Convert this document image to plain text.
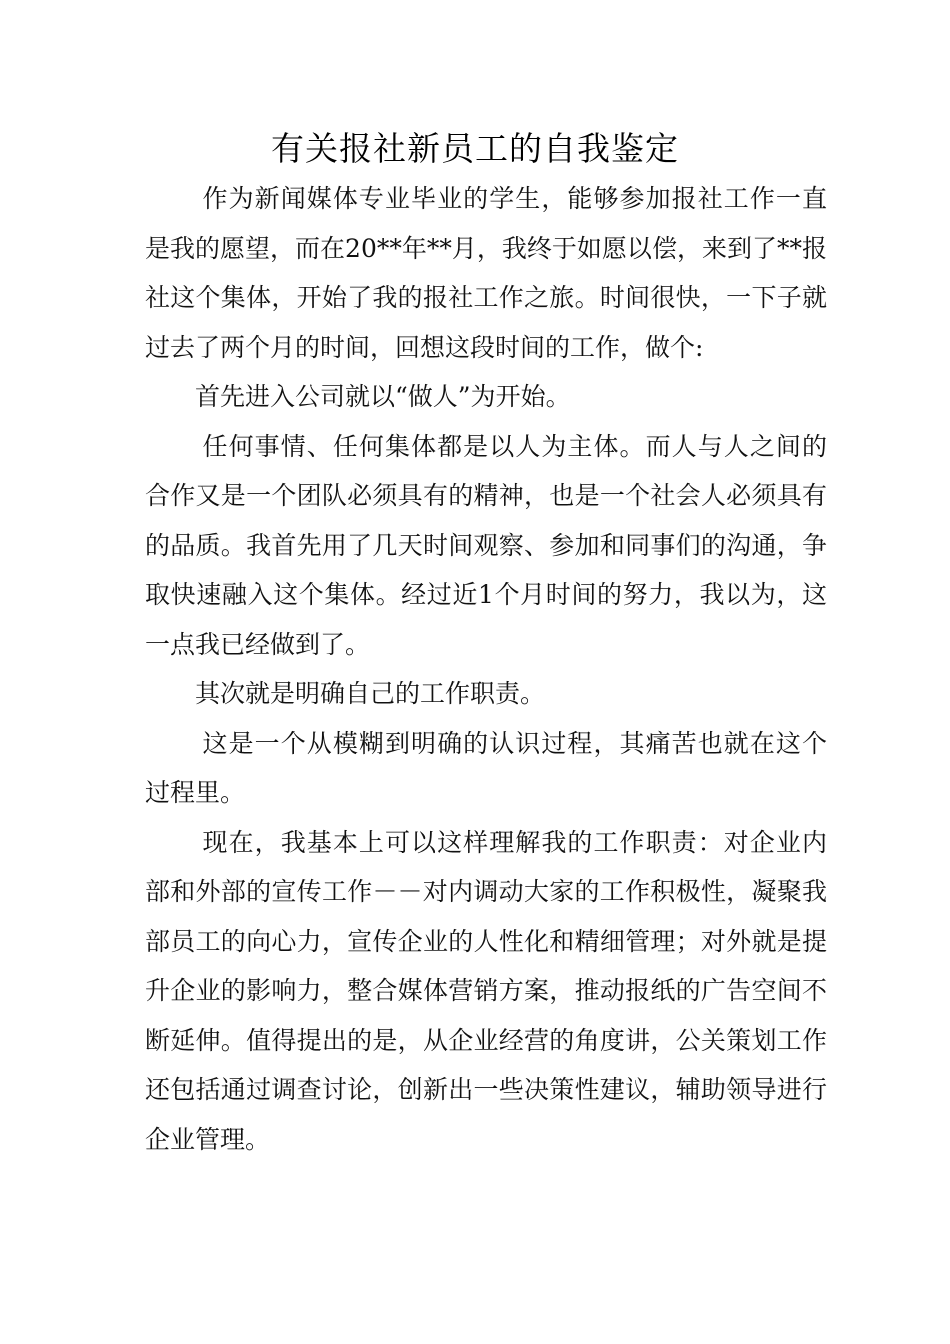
有关报社新员工的自我鉴定

作为新闻媒体专业毕业的学生，能够参加报社工作一直是我的愿望，而在20**年**月，我终于如愿以偿，来到了**报社这个集体，开始了我的报社工作之旅。时间很快，一下子就过去了两个月的时间，回想这段时间的工作，做个:

首先进入公司就以“做人”为开始。

任何事情、任何集体都是以人为主体。而人与人之间的合作又是一个团队必须具有的精神，也是一个社会人必须具有的品质。我首先用了几天时间观察、参加和同事们的沟通，争取快速融入这个集体。经过近1个月时间的努力，我以为，这一点我已经做到了。

其次就是明确自己的工作职责。

这是一个从模糊到明确的认识过程，其痛苦也就在这个过程里。

现在，我基本上可以这样理解我的工作职责：对企业内部和外部的宣传工作－－对内调动大家的工作积极性，凝聚我部员工的向心力，宣传企业的人性化和精细管理；对外就是提升企业的影响力，整合媒体营销方案，推动报纸的广告空间不断延伸。值得提出的是，从企业经营的角度讲，公关策划工作还包括通过调查讨论，创新出一些决策性建议，辅助领导进行企业管理。
